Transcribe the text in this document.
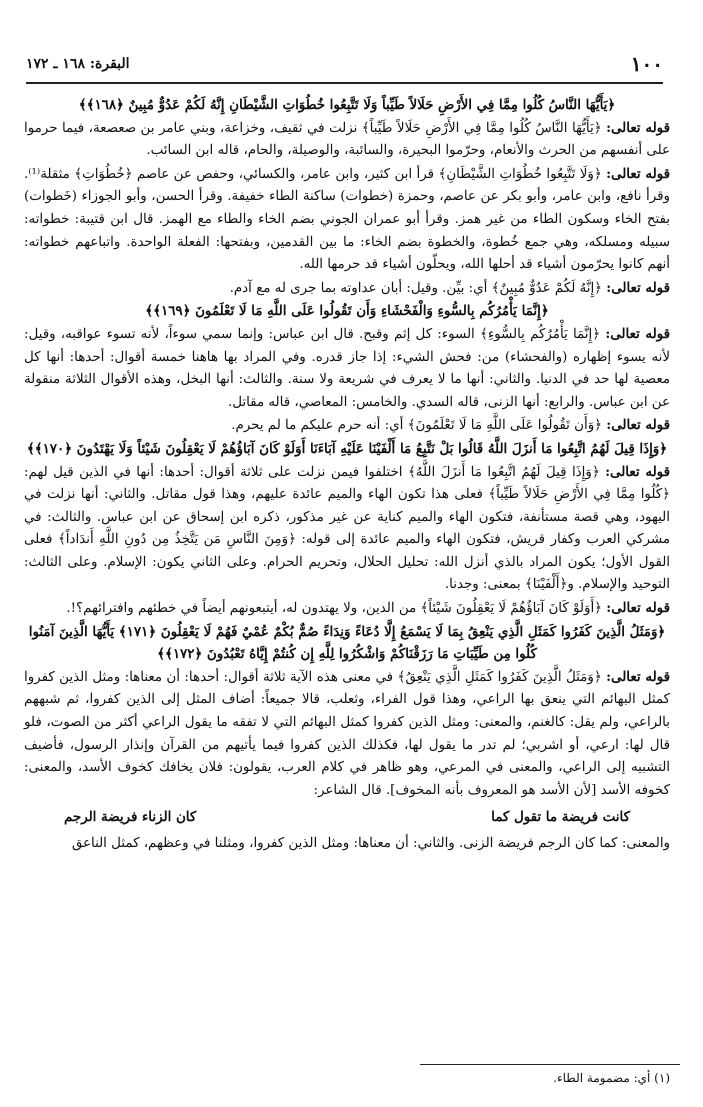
١٠٠
البقرة: ١٦٨ ـ ١٧٢

﴿يَأَيُّهَا النَّاسُ كُلُوا مِمَّا فِي الأَرْضِ حَلَالاً طَيِّباً وَلَا تَتَّبِعُوا خُطُوَاتِ الشَّيْطَانِ إِنَّهُ لَكُمْ عَدُوٌّ مُبِينٌ ﴿١٦٨﴾﴾

قوله تعالى: ﴿يَأَيُّهَا النَّاسُ كُلُوا مِمَّا فِي الأَرْضِ حَلَالاً طَيِّباً﴾ نزلت في ثقيف، وخزاعة، وبني عامر بن صعصعة، فيما حرموا على أنفسهم من الحرث والأنعام، وحرّموا البحيرة، والسائبة، والوصيلة، والحام، قاله ابن السائب.

قوله تعالى: ﴿وَلَا تَتَّبِعُوا خُطُوَاتِ الشَّيْطَانِ﴾ قرأ ابن كثير، وابن عامر، والكسائي، وحفص عن عاصم ﴿خُطُوَاتِ﴾ مثقلة⁽¹⁾. وقرأ نافع، وابن عامر، وأبو بكر عن عاصم، وحمزة (خطوات) ساكنة الطاء خفيفة. وقرأ الحسن، وأبو الجوزاء (خَطوات) بفتح الخاء وسكون الطاء من غير همز. وقرأ أبو عمران الجوني بضم الخاء والطاء مع الهمز. قال ابن قتيبة: خطواته: سبيله ومسلكه، وهي جمع خُطوة، والخطوة بضم الخاء: ما بين القدمين، وبفتحها: الفعلة الواحدة. واتباعهم خطواته: أنهم كانوا يحرّمون أشياء قد أحلها الله، ويحلّون أشياء قد حرمها الله.

قوله تعالى: ﴿إِنَّهُ لَكُمْ عَدُوٌّ مُبِينٌ﴾ أي: بيِّن. وقيل: أبان عداوته بما جرى له مع آدم.

﴿إِنَّمَا يَأْمُرُكُم بِالسُّوءِ وَالْفَحْشَاءِ وَأَن تَقُولُوا عَلَى اللَّهِ مَا لَا تَعْلَمُونَ ﴿١٦٩﴾﴾

قوله تعالى: ﴿إِنَّمَا يَأْمُرُكُم بِالسُّوءِ﴾ السوء: كل إثم وقبح. قال ابن عباس: وإنما سمي سوءاً، لأنه تسوء عواقبه، وقيل: لأنه يسوء إظهاره (والفحشاء) من: فحش الشيء: إذا جاز قدره. وفي المراد بها هاهنا خمسة أقوال: أحدها: أنها كل معصية لها حد في الدنيا. والثاني: أنها ما لا يعرف في شريعة ولا سنة. والثالث: أنها البخل، وهذه الأقوال الثلاثة منقولة عن ابن عباس. والرابع: أنها الزنى، قاله السدي. والخامس: المعاصي، قاله مقاتل.

قوله تعالى: ﴿وَأَن تَقُولُوا عَلَى اللَّهِ مَا لَا تَعْلَمُونَ﴾ أي: أنه حرم عليكم ما لم يحرم.

﴿وَإِذَا قِيلَ لَهُمُ اتَّبِعُوا مَا أَنزَلَ اللَّهُ قَالُوا بَلْ نَتَّبِعُ مَا أَلْفَيْنَا عَلَيْهِ آبَاءَنَا أَوَلَوْ كَانَ آبَاؤُهُمْ لَا يَعْقِلُونَ شَيْئاً وَلَا يَهْتَدُونَ ﴿١٧٠﴾﴾

قوله تعالى: ﴿وَإِذَا قِيلَ لَهُمُ اتَّبِعُوا مَا أَنزَلَ اللَّهُ﴾ اختلفوا فيمن نزلت على ثلاثة أقوال: أحدها: أنها في الذين قيل لهم: ﴿كُلُوا مِمَّا فِي الأَرْضِ حَلَالاً طَيِّباً﴾ فعلى هذا تكون الهاء والميم عائدة عليهم، وهذا قول مقاتل. والثاني: أنها نزلت في اليهود، وهي قصة مستأنفة، فتكون الهاء والميم كناية عن غير مذكور، ذكره ابن إسحاق عن ابن عباس. والثالث: في مشركي العرب وكفار قريش، فتكون الهاء والميم عائدة إلى قوله: ﴿وَمِنَ النَّاسِ مَن يَتَّخِذُ مِن دُونِ اللَّهِ أَندَاداً﴾ فعلى القول الأول؛ يكون المراد بالذي أنزل الله: تحليل الحلال، وتحريم الحرام. وعلى الثاني يكون: الإسلام. وعلى الثالث: التوحيد والإسلام. و﴿أَلْفَيْنَا﴾ بمعنى: وجدنا.

قوله تعالى: ﴿أَوَلَوْ كَانَ آبَاؤُهُمْ لَا يَعْقِلُونَ شَيْئاً﴾ من الدين، ولا يهتدون له، أيتبعونهم أيضاً في خطئهم وافترائهم؟!.

﴿وَمَثَلُ الَّذِينَ كَفَرُوا كَمَثَلِ الَّذِي يَنْعِقُ بِمَا لَا يَسْمَعُ إِلَّا دُعَاءً وَنِدَاءً صُمٌّ بُكْمٌ عُمْيٌ فَهُمْ لَا يَعْقِلُونَ ﴿١٧١﴾ يَأَيُّهَا الَّذِينَ آمَنُوا كُلُوا مِن طَيِّبَاتِ مَا رَزَقْنَاكُمْ وَاشْكُرُوا لِلَّهِ إِن كُنتُمْ إِيَّاهُ تَعْبُدُونَ ﴿١٧٢﴾﴾

قوله تعالى: ﴿وَمَثَلُ الَّذِينَ كَفَرُوا كَمَثَلِ الَّذِي يَنْعِقُ﴾ في معنى هذه الآية ثلاثة أقوال: أحدها: أن معناها: ومثل الذين كفروا كمثل البهائم التي ينعق بها الراعي، وهذا قول الفراء، وثعلب، قالا جميعاً: أضاف المثل إلى الذين كفروا، ثم شبههم بالراعي، ولم يقل: كالغنم، والمعنى: ومثل الذين كفروا كمثل البهائم التي لا تفقه ما يقول الراعي أكثر من الصوت، فلو قال لها: ارعي، أو اشربي؛ لم تدر ما يقول لها، فكذلك الذين كفروا فيما يأتيهم من القرآن وإنذار الرسول، فأضيف التشبيه إلى الراعي، والمعنى في المرعي، وهو ظاهر في كلام العرب، يقولون: فلان يخافك كخوف الأسد، والمعنى: كخوفه الأسد [لأن الأسد هو المعروف بأنه المخوف]. قال الشاعر:

كانت فريضة ما تقول كما
كان الزناء فريضة الرجم

والمعنى: كما كان الرجم فريضة الزنى. والثاني: أن معناها: ومثل الذين كفروا، ومثلنا في وعظهم، كمثل الناعق

(١) أي: مضمومة الطاء.
